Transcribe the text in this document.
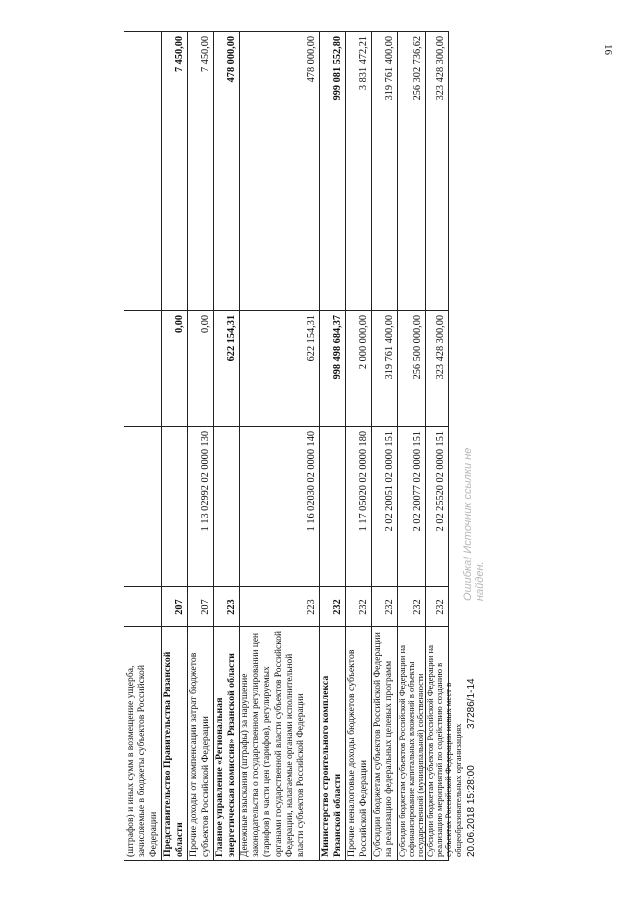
16
(штрафов) и иных сумм в возмещение ущерба, зачисляемые в бюджеты субъектов Российской Федерации Представительство Правительства Рязанской области
207
0,00
7 450,00
Прочие доходы от компенсации затрат бюджетов субъектов Российской Федерации
207
1 13 02992 02 0000 130
0,00
7 450,00
Главное управление «Региональная энергетическая комиссия» Рязанской области
223
622 154,31
478 000,00
Денежные взыскания (штрафы) за нарушение законодательства о государственном регулировании цен (тарифов) в части цен (тарифов), регулируемых органами государственной власти субъектов Российской Федерации, налагаемые органами исполнительной власти субъектов Российской Федерации
223
1 16 02030 02 0000 140
622 154,31
478 000,00
Министерство строительного комплекса Рязанской области
232
998 498 684,37
999 081 552,80
Прочие неналоговые доходы бюджетов субъектов Российской Федерации
232
1 17 05020 02 0000 180
2 000 000,00
3 831 472,21
Субсидии бюджетам субъектов Российской Федерации на реализацию федеральных целевых программ
232
2 02 20051 02 0000 151
319 761 400,00
319 761 400,00
Субсидии бюджетам субъектов Российской Федерации на софинансирование капитальных вложений в объекты государственной (муниципальной) собственности
232
2 02 20077 02 0000 151
256 500 000,00
256 302 736,62
Субсидии бюджетам субъектов Российской Федерации на реализацию мероприятий по содействию созданию в субъектах Российской Федерации новых мест в общеобразовательных организациях
232
2 02 25520 02 0000 151
323 428 300,00
323 428 300,00
20.06.2018 15:28:00
37286/1-14
Ошибка! Источник ссылки не найден.
